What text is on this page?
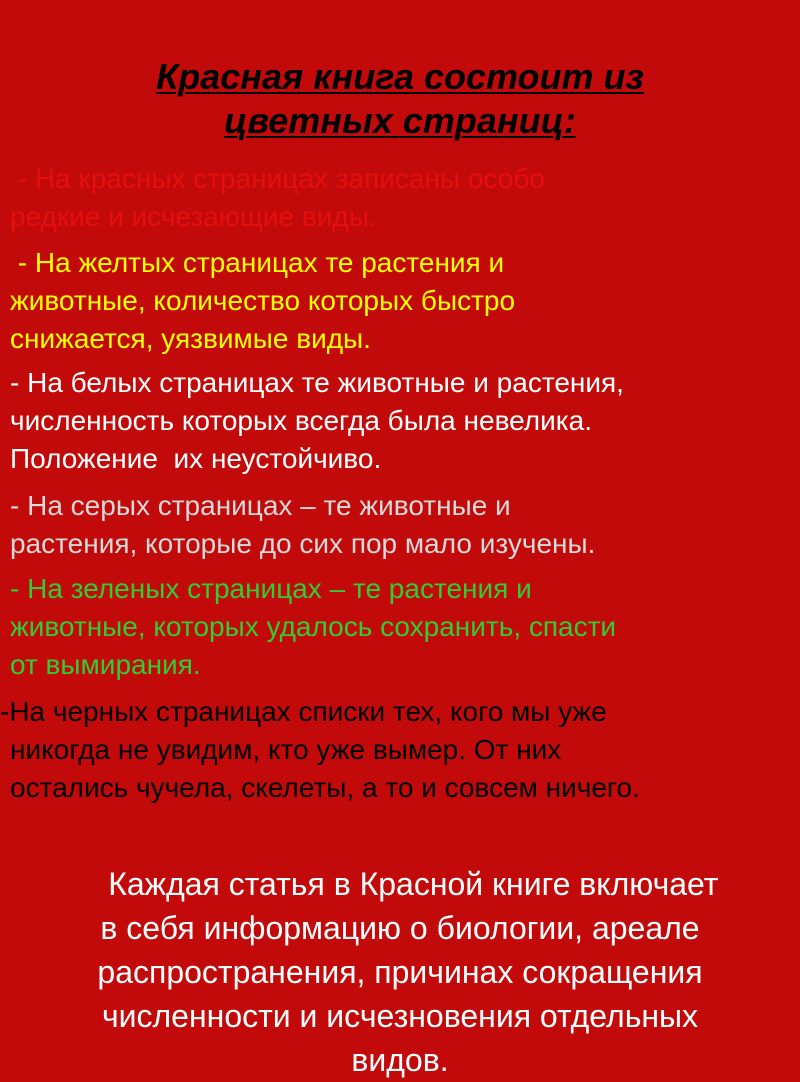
Красная книга состоит из
цветных страниц:
- На красных страницах записаны особо
редкие и исчезающие виды.
- На желтых страницах те растения и
животные, количество которых быстро
снижается, уязвимые виды.
- На белых страницах те животные и растения,
численность которых всегда была невелика.
Положение  их неустойчиво.
- На серых страницах – те животные и
растения, которые до сих пор мало изучены.
- На зеленых страницах – те растения и
животные, которых удалось сохранить, спасти
от вымирания.
-На черных страницах списки тех, кого мы уже
никогда не увидим, кто уже вымер. От них
остались чучела, скелеты, а то и совсем ничего.
Каждая статья в Красной книге включает
в себя информацию о биологии, ареале
распространения, причинах сокращения
численности и исчезновения отдельных
видов.
